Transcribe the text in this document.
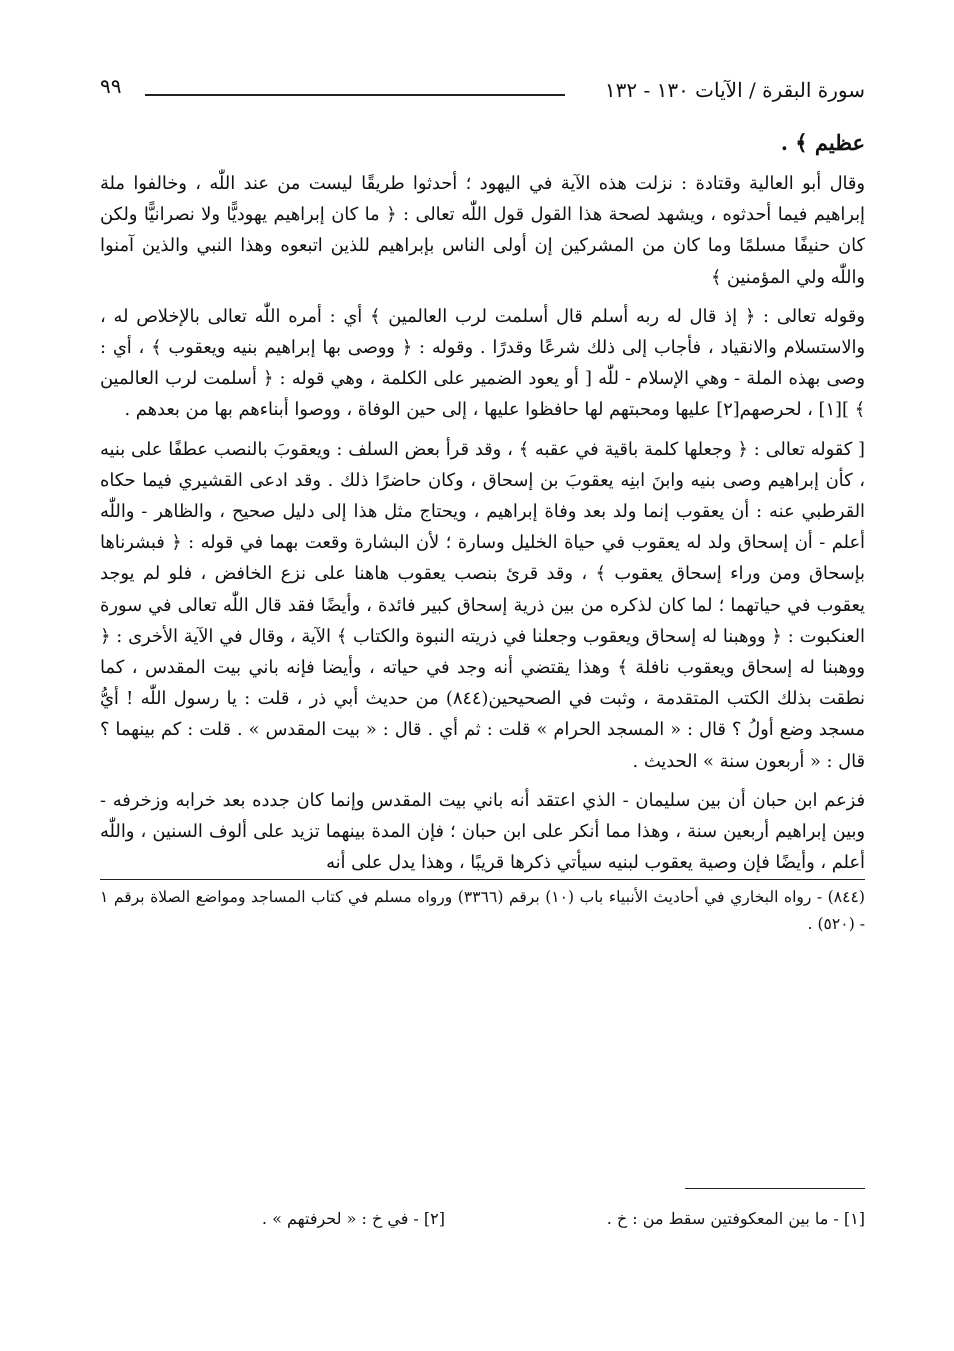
سورة البقرة / الآيات ١٣٠ - ١٣٢
٩٩

عظيم ﴾ .

وقال أبو العالية وقتادة : نزلت هذه الآية في اليهود ؛ أحدثوا طريقًا ليست من عند اللّٰه ، وخالفوا ملة إبراهيم فيما أحدثوه ، ويشهد لصحة هذا القول قول اللّٰه تعالى : ﴿ ما كان إبراهيم يهوديًّا ولا نصرانيًّا ولكن كان حنيفًا مسلمًا وما كان من المشركين إن أولى الناس بإبراهيم للذين اتبعوه وهذا النبي والذين آمنوا واللّٰه ولي المؤمنين ﴾

وقوله تعالى : ﴿ إذ قال له ربه أسلم قال أسلمت لرب العالمين ﴾ أي : أمره اللّٰه تعالى بالإخلاص له ، والاستسلام والانقياد ، فأجاب إلى ذلك شرعًا وقدرًا . وقوله : ﴿ ووصى بها إبراهيم بنيه ويعقوب ﴾ ، أي : وصى بهذه الملة - وهي الإسلام - للّٰه [ أو يعود الضمير على الكلمة ، وهي قوله : ﴿ أسلمت لرب العالمين ﴾ ][١] ، لحرصهم[٢] عليها ومحبتهم لها حافظوا عليها ، إلى حين الوفاة ، ووصوا أبناءهم بها من بعدهم .

[ كقوله تعالى : ﴿ وجعلها كلمة باقية في عقبه ﴾ ، وقد قرأ بعض السلف : ويعقوبَ بالنصب عطفًا على بنيه ، كأن إبراهيم وصى بنيه وابنَ ابنِه يعقوبَ بن إسحاق ، وكان حاضرًا ذلك . وقد ادعى القشيري فيما حكاه القرطبي عنه : أن يعقوب إنما ولد بعد وفاة إبراهيم ، ويحتاج مثل هذا إلى دليل صحيح ، والظاهر - واللّٰه أعلم - أن إسحاق ولد له يعقوب في حياة الخليل وسارة ؛ لأن البشارة وقعت بهما في قوله : ﴿ فبشرناها بإسحاق ومن وراء إسحاق يعقوب ﴾ ، وقد قرئ بنصب يعقوب هاهنا على نزع الخافض ، فلو لم يوجد يعقوب في حياتهما ؛ لما كان لذكره من بين ذرية إسحاق كبير فائدة ، وأيضًا فقد قال اللّٰه تعالى في سورة العنكبوت : ﴿ ووهبنا له إسحاق ويعقوب وجعلنا في ذريته النبوة والكتاب ﴾ الآية ، وقال في الآية الأخرى : ﴿ ووهبنا له إسحاق ويعقوب نافلة ﴾ وهذا يقتضي أنه وجد في حياته ، وأيضا فإنه باني بيت المقدس ، كما نطقت بذلك الكتب المتقدمة ، وثبت في الصحيحين(٨٤٤) من حديث أبي ذر ، قلت : يا رسول اللّٰه ! أيُّ مسجد وضع أولُ ؟ قال : « المسجد الحرام » قلت : ثم أي . قال : « بيت المقدس » . قلت : كم بينهما ؟ قال : « أربعون سنة » الحديث .

فزعم ابن حبان أن بين سليمان - الذي اعتقد أنه باني بيت المقدس وإنما كان جدده بعد خرابه وزخرفه - وبين إبراهيم أربعين سنة ، وهذا مما أنكر على ابن حبان ؛ فإن المدة بينهما تزيد على ألوف السنين ، واللّٰه أعلم ، وأيضًا فإن وصية يعقوب لبنيه سيأتي ذكرها قريبًا ، وهذا يدل على أنه

(٨٤٤) - رواه البخاري في أحاديث الأنبياء باب (١٠) برقم (٣٣٦٦) ورواه مسلم في كتاب المساجد ومواضع الصلاة برقم ١ - (٥٢٠) .

[١] - ما بين المعكوفتين سقط من : خ .
[٢] - في خ : « لحرفتهم » .
